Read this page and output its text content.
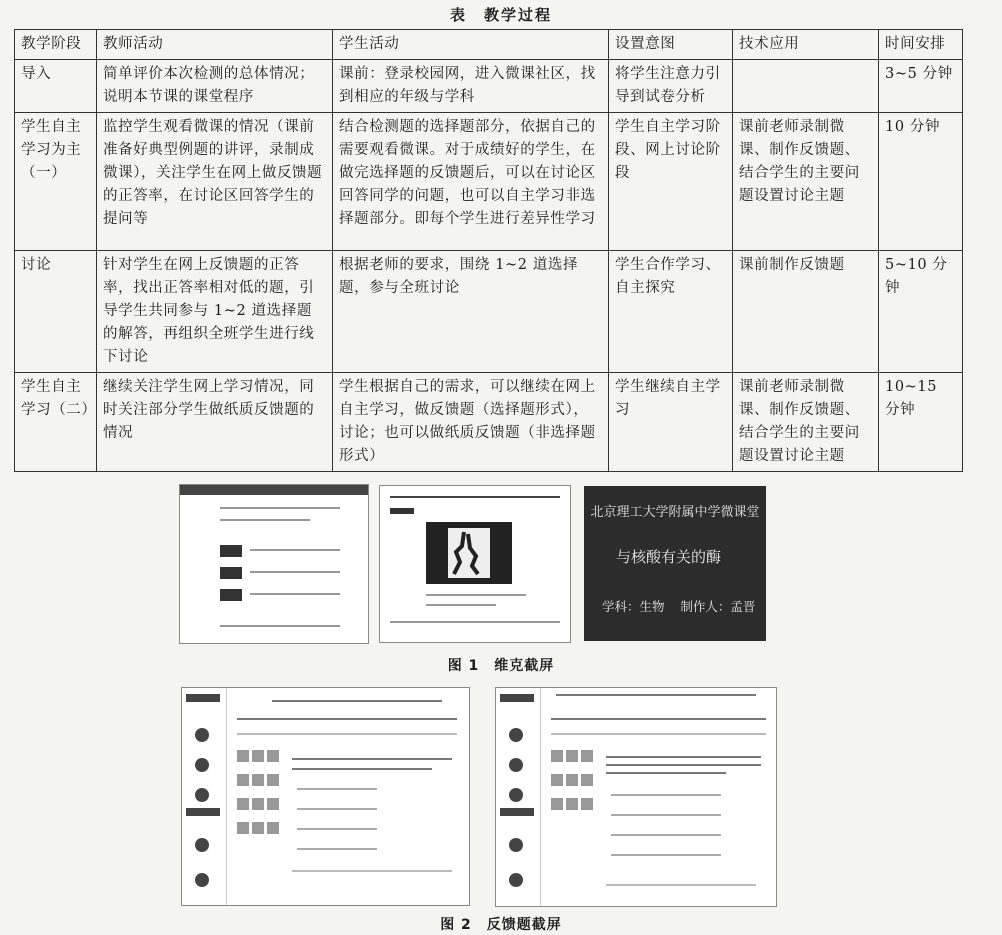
表　教学过程
教学阶段	教师活动	学生活动	设置意图	技术应用	时间安排
导入	简单评价本次检测的总体情况；说明本节课的课堂程序	课前：登录校园网，进入微课社区，找到相应的年级与学科	将学生注意力引导到试卷分析		3~5 分钟
学生自主学习为主（一）	监控学生观看微课的情况（课前准备好典型例题的讲评，录制成微课），关注学生在网上做反馈题的正答率，在讨论区回答学生的提问等	结合检测题的选择题部分，依据自己的需要观看微课。对于成绩好的学生，在做完选择题的反馈题后，可以在讨论区回答同学的问题，也可以自主学习非选择题部分。即每个学生进行差异性学习	学生自主学习阶段、网上讨论阶段	课前老师录制微课、制作反馈题、结合学生的主要问题设置讨论主题	10 分钟
讨论	针对学生在网上反馈题的正答率，找出正答率相对低的题，引导学生共同参与 1~2 道选择题的解答，再组织全班学生进行线下讨论	根据老师的要求，围绕 1~2 道选择题，参与全班讨论	学生合作学习、自主探究	课前制作反馈题	5~10 分钟
学生自主学习（二）	继续关注学生网上学习情况，同时关注部分学生做纸质反馈题的情况	学生根据自己的需求，可以继续在网上自主学习，做反馈题（选择题形式），讨论；也可以做纸质反馈题（非选择题形式）	学生继续自主学习	课前老师录制微课、制作反馈题、结合学生的主要问题设置讨论主题	10~15 分钟
北京理工大学附属中学微课堂
与核酸有关的酶
学科：生物 制作人：孟晋
图 1　维克截屏
图 2　反馈题截屏
